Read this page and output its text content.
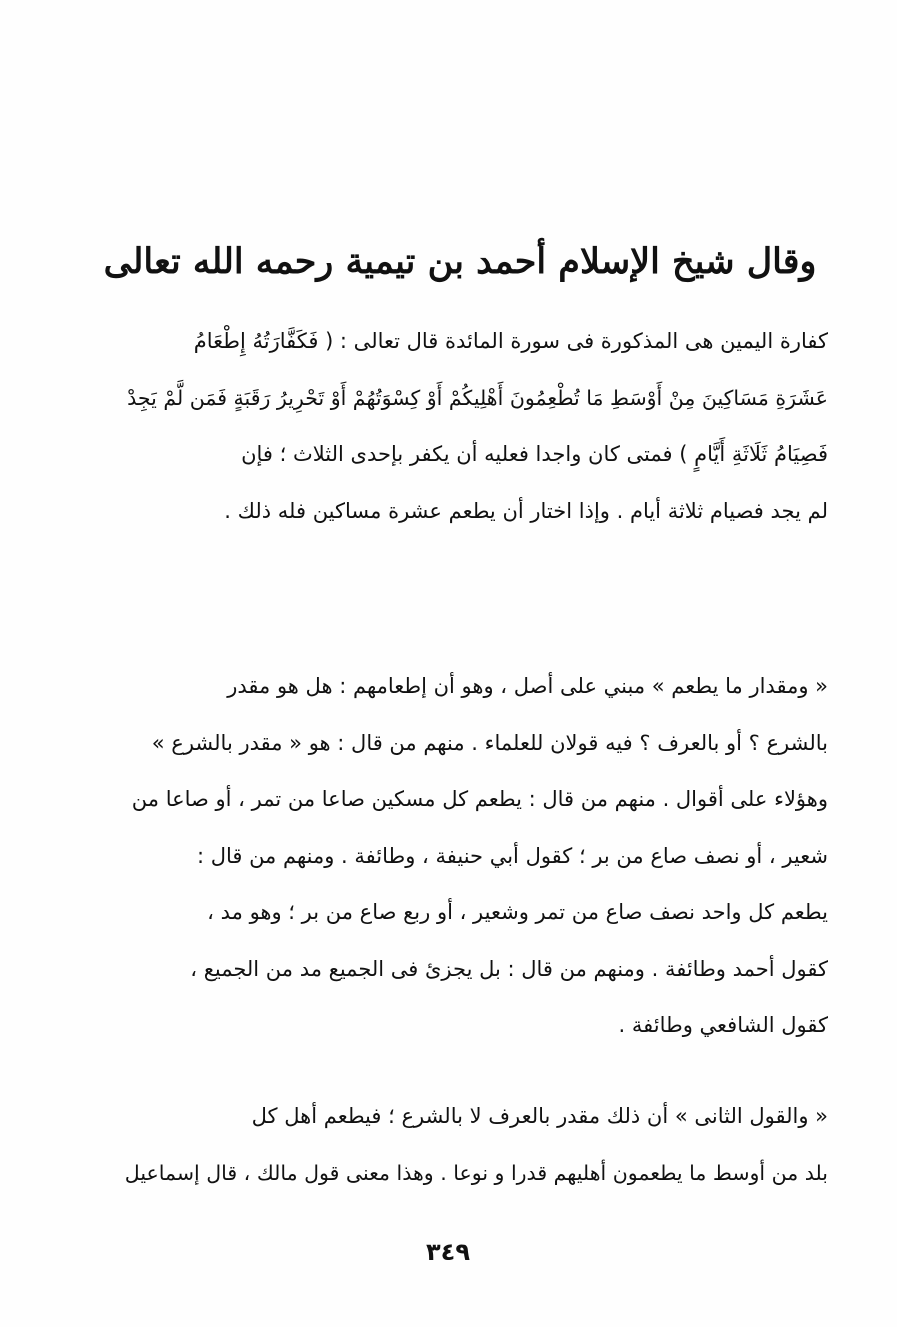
وقال شيخ الإسلام أحمد بن تيمية رحمه الله تعالى

كفارة اليمين هى المذكورة فى سورة المائدة قال تعالى : ( فَكَفَّارَتُهُ إِطْعَامُ
عَشَرَةِ مَسَاكِينَ مِنْ أَوْسَطِ مَا تُطْعِمُونَ أَهْلِيكُمْ أَوْ كِسْوَتُهُمْ أَوْ تَحْرِيرُ رَقَبَةٍ فَمَن لَّمْ يَجِدْ
فَصِيَامُ ثَلَاثَةِ أَيَّامٍ ) فمتى كان واجدا فعليه أن يكفر بإحدى الثلاث ؛ فإن
لم يجد فصيام ثلاثة أيام . وإذا اختار أن يطعم عشرة مساكين فله ذلك .

« ومقدار ما يطعم » مبني على أصل ، وهو أن إطعامهم : هل هو مقدر
بالشرع ؟ أو بالعرف ؟ فيه قولان للعلماء . منهم من قال : هو « مقدر بالشرع »
وهؤلاء على أقوال . منهم من قال : يطعم كل مسكين صاعا من تمر ، أو صاعا من
شعير ، أو نصف صاع من بر ؛ كقول أبي حنيفة ، وطائفة . ومنهم من قال :
يطعم كل واحد نصف صاع من تمر وشعير ، أو ربع صاع من بر ؛ وهو مد ،
كقول أحمد وطائفة . ومنهم من قال : بل يجزئ فى الجميع مد من الجميع ،
كقول الشافعي وطائفة .

« والقول الثانى » أن ذلك مقدر بالعرف لا بالشرع ؛ فيطعم أهل كل
بلد من أوسط ما يطعمون أهليهم قدرا و نوعا . وهذا معنى قول مالك ، قال إسماعيل

٣٤٩
